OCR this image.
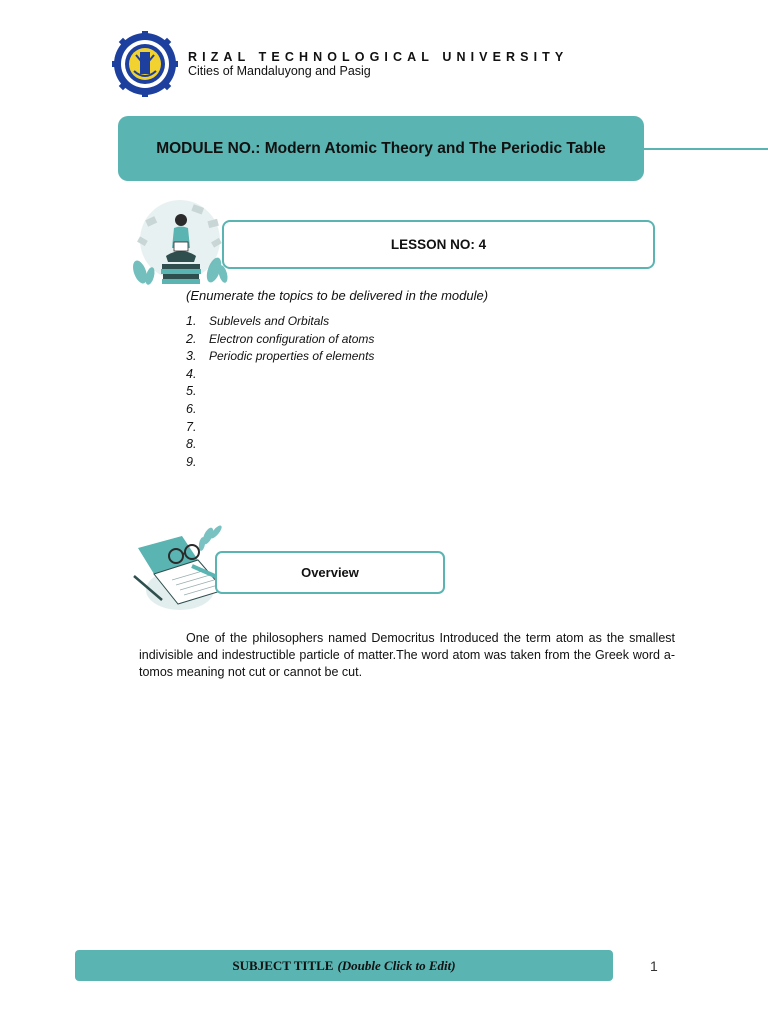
RIZAL TECHNOLOGICAL UNIVERSITY
Cities of Mandaluyong and Pasig
MODULE NO.: Modern Atomic Theory and The Periodic Table
LESSON NO: 4
(Enumerate the topics to be delivered in the module)
1.	Sublevels and Orbitals
2.	Electron configuration of atoms
3.	Periodic properties of elements
4.
5.
6.
7.
8.
9.
Overview

One of the philosophers named Democritus Introduced the term atom as the smallest indivisible and indestructible particle of matter.The word atom was taken from the Greek word a-tomos meaning not cut or cannot be cut.

SUBJECT TITLE (Double Click to Edit)	1
